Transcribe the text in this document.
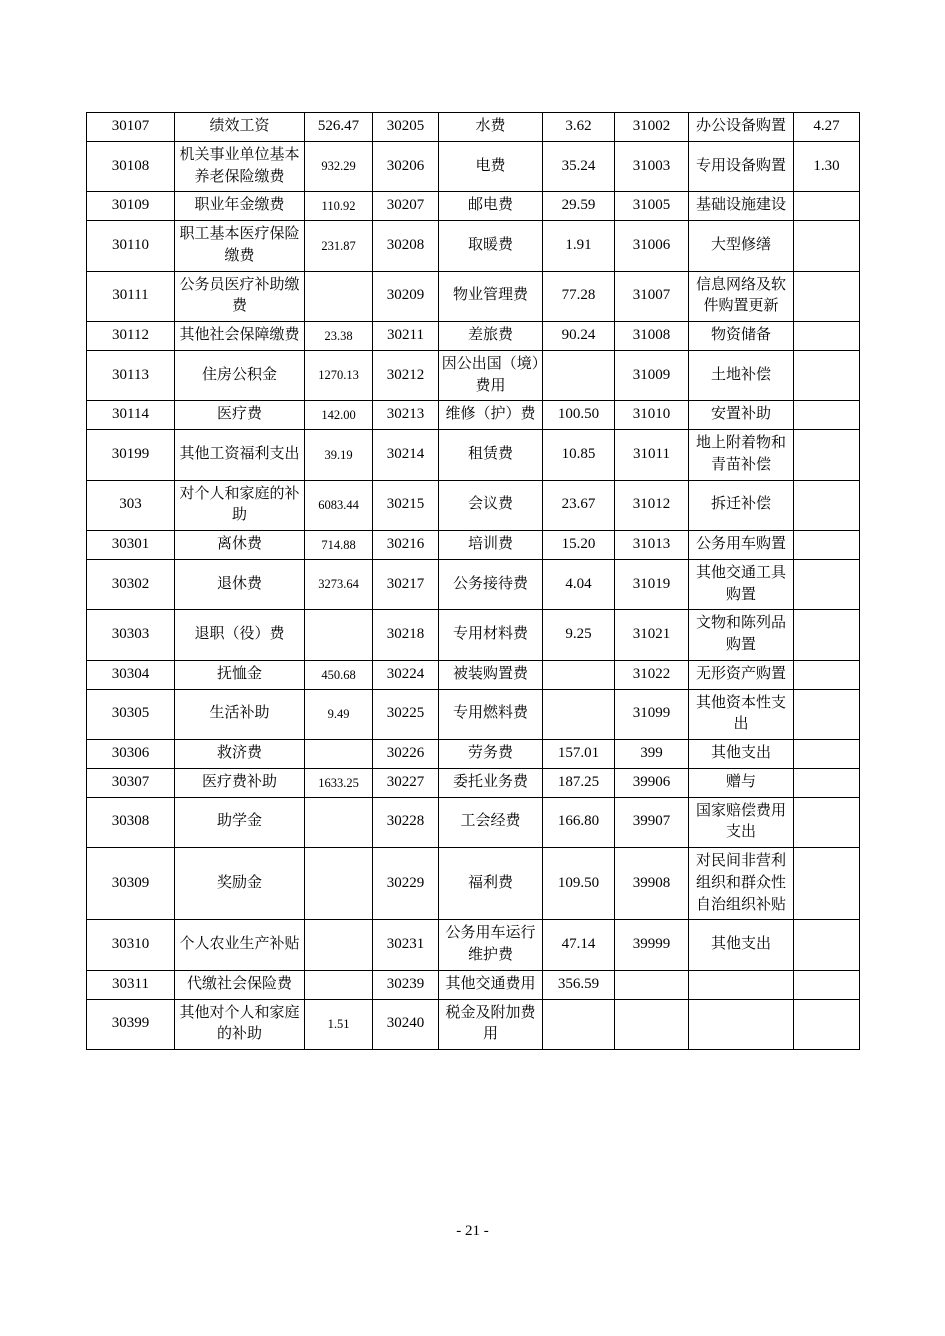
30107	绩效工资	526.47	30205	水费	3.62	31002	办公设备购置	4.27
30108	机关事业单位基本养老保险缴费	932.29	30206	电费	35.24	31003	专用设备购置	1.30
30109	职业年金缴费	110.92	30207	邮电费	29.59	31005	基础设施建设	
30110	职工基本医疗保险缴费	231.87	30208	取暖费	1.91	31006	大型修缮	
30111	公务员医疗补助缴费		30209	物业管理费	77.28	31007	信息网络及软件购置更新	
30112	其他社会保障缴费	23.38	30211	差旅费	90.24	31008	物资储备	
30113	住房公积金	1270.13	30212	因公出国（境）费用		31009	土地补偿	
30114	医疗费	142.00	30213	维修（护）费	100.50	31010	安置补助	
30199	其他工资福利支出	39.19	30214	租赁费	10.85	31011	地上附着物和青苗补偿	
303	对个人和家庭的补助	6083.44	30215	会议费	23.67	31012	拆迁补偿	
30301	离休费	714.88	30216	培训费	15.20	31013	公务用车购置	
30302	退休费	3273.64	30217	公务接待费	4.04	31019	其他交通工具购置	
30303	退职（役）费		30218	专用材料费	9.25	31021	文物和陈列品购置	
30304	抚恤金	450.68	30224	被装购置费		31022	无形资产购置	
30305	生活补助	9.49	30225	专用燃料费		31099	其他资本性支出	
30306	救济费		30226	劳务费	157.01	399	其他支出	
30307	医疗费补助	1633.25	30227	委托业务费	187.25	39906	赠与	
30308	助学金		30228	工会经费	166.80	39907	国家赔偿费用支出	
30309	奖励金		30229	福利费	109.50	39908	对民间非营利组织和群众性自治组织补贴	
30310	个人农业生产补贴		30231	公务用车运行维护费	47.14	39999	其他支出	
30311	代缴社会保险费		30239	其他交通费用	356.59			
30399	其他对个人和家庭的补助	1.51	30240	税金及附加费用				
- 21 -
